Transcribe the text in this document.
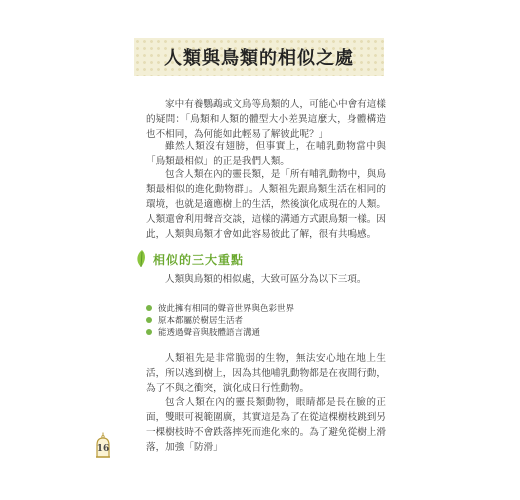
人類與鳥類的相似之處

家中有養鸚鵡或文鳥等鳥類的人，可能心中會有這樣的疑問：「鳥類和人類的體型大小差異這麼大，身體構造也不相同，為何能如此輕易了解彼此呢？」

雖然人類沒有翅膀，但事實上，在哺乳動物當中與「鳥類最相似」的正是我們人類。

包含人類在內的靈長類，是「所有哺乳動物中，與鳥類最相似的進化動物群」。人類祖先跟鳥類生活在相同的環境，也就是適應樹上的生活，然後演化成現在的人類。人類還會利用聲音交談，這樣的溝通方式跟鳥類一樣。因此，人類與鳥類才會如此容易彼此了解，很有共鳴感。

相似的三大重點

人類與鳥類的相似處，大致可區分為以下三項。

彼此擁有相同的聲音世界與色彩世界
原本都屬於樹居生活者
能透過聲音與肢體語言溝通

人類祖先是非常脆弱的生物，無法安心地在地上生活，所以逃到樹上，因為其他哺乳動物都是在夜間行動，為了不與之衝突，演化成日行性動物。

包含人類在內的靈長類動物，眼睛都是長在臉的正面，雙眼可視範圍廣，其實這是為了在從這棵樹枝跳到另一棵樹枝時不會跌落摔死而進化來的。為了避免從樹上滑落，加強「防滑」

16
